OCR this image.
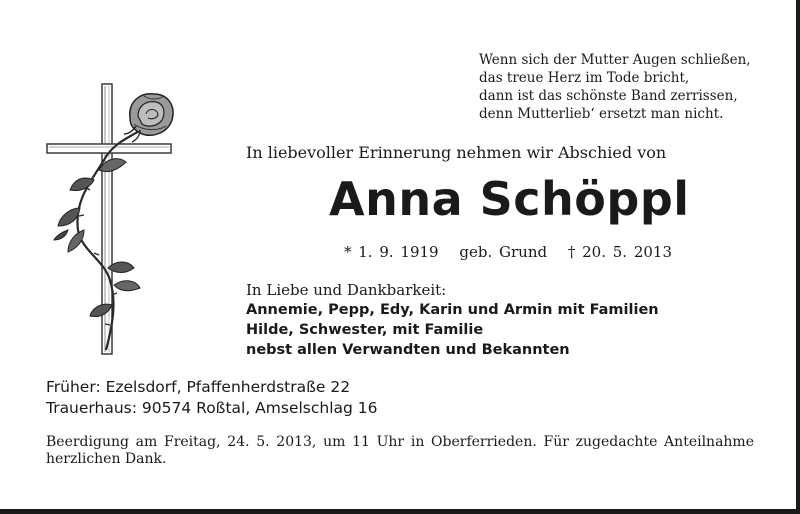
Wenn sich der Mutter Augen schließen,
das treue Herz im Tode bricht,
dann ist das schönste Band zerrissen,
denn Mutterlieb‘ ersetzt man nicht.
In liebevoller Erinnerung nehmen wir Abschied von
Anna Schöppl
* 1. 9. 1919 geb. Grund † 20. 5. 2013
In Liebe und Dankbarkeit:
Annemie, Pepp, Edy, Karin und Armin mit Familien
Hilde, Schwester, mit Familie
nebst allen Verwandten und Bekannten
Früher: Ezelsdorf, Pfaffenherdstraße 22
Trauerhaus: 90574 Roßtal, Amselschlag 16
Beerdigung am Freitag, 24. 5. 2013, um 11 Uhr in Oberferrieden. Für zugedachte Anteilnahme herzlichen Dank.
